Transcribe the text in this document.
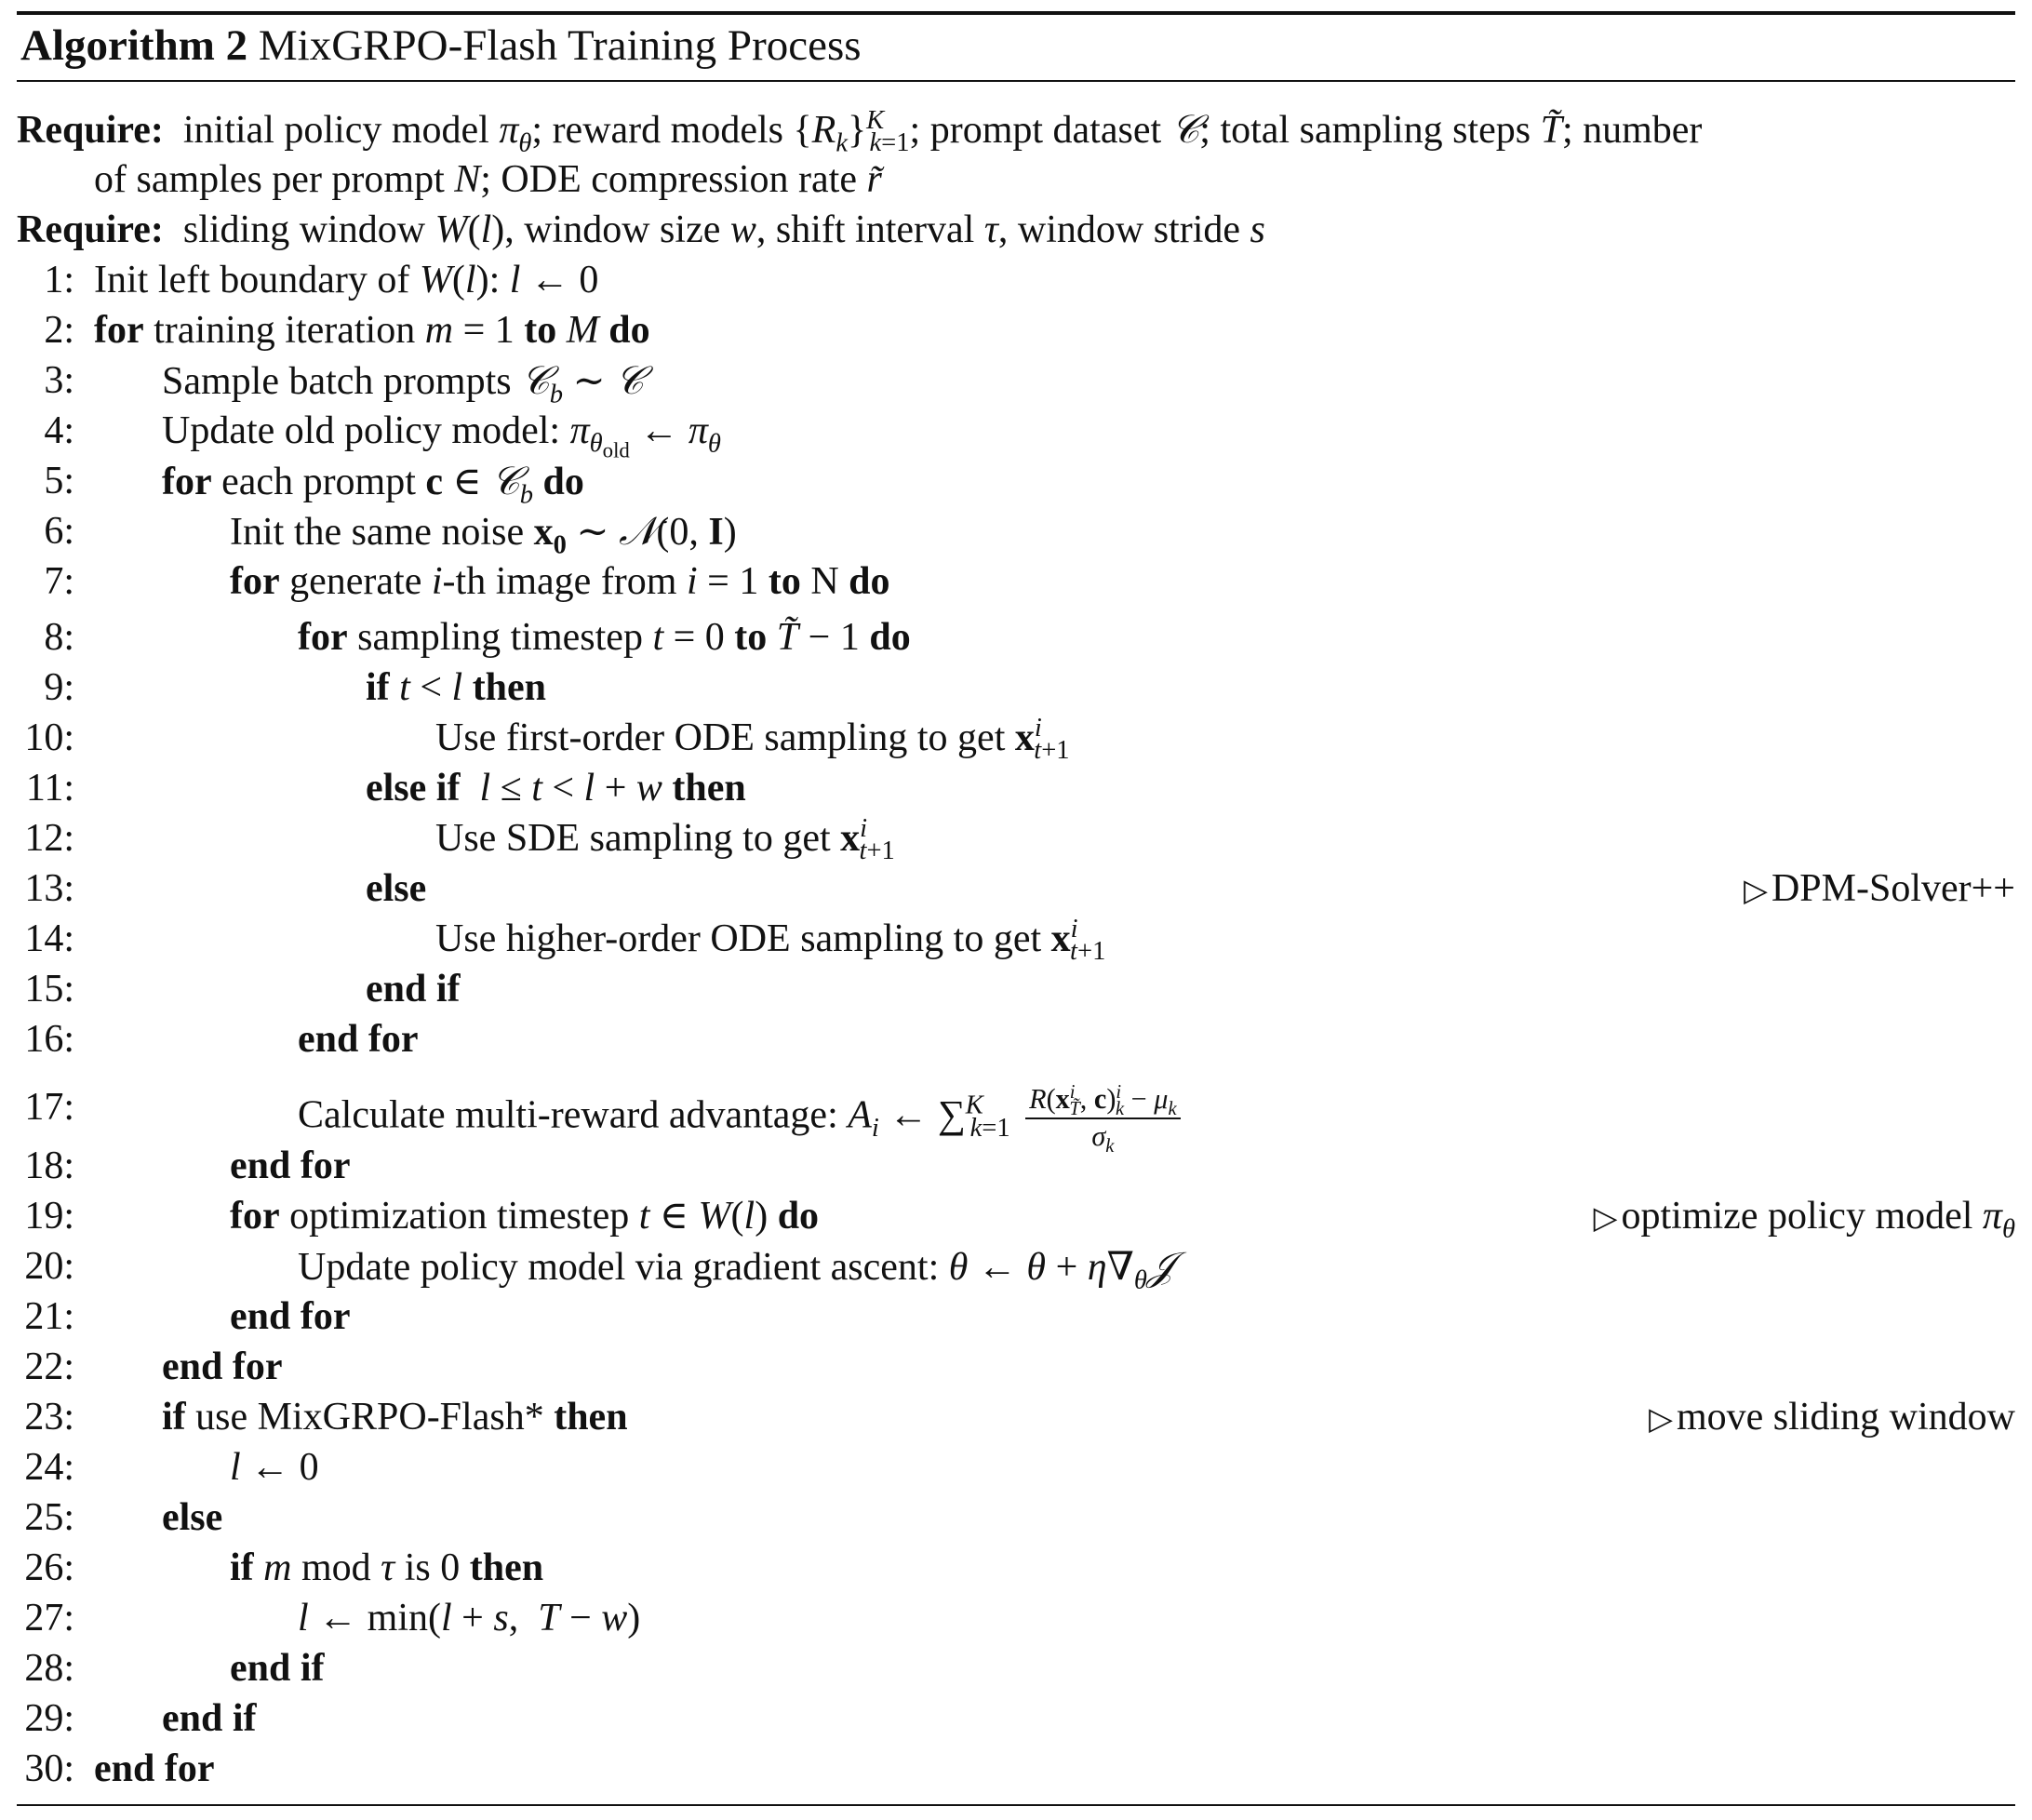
Algorithm 2 MixGRPO-Flash Training Process
Require:  initial policy model $\pi_\theta$; reward models $\{R_k\}^K_{k=1}$; prompt dataset 𝒞; total sampling steps T̃; number
of samples per prompt N; ODE compression rate r̃
Require:  sliding window W(l), window size w, shift interval τ, window stride s
1: Init left boundary of W(l): l ← 0
2: for training iteration m = 1 to M do
3: Sample batch prompts 𝒞$_b$ ∼ 𝒞
4: Update old policy model: $\pi_{\theta_{old}}$ ← $\pi_\theta$
5: for each prompt c ∈ 𝒞$_b$ do
6:	Init the same noise $x_0$ ∼ 𝒩(0, I)
7:	for generate i-th image from i = 1 to N do
8:	for sampling timestep t = 0 to T̃ − 1 do
9:	if t < l then
10:	Use first-order ODE sampling to get $x^i_{t+1}$
11:	else if l ≤ t < l + w then
12:	Use SDE sampling to get $x^i_{t+1}$
13:	else	▷DPM-Solver++
14:	Use higher-order ODE sampling to get $x^i_{t+1}$
15:	end if
16:	end for
17:	Calculate multi-reward advantage: $A_i$ ← $\sum^K_{k=1} \frac{R(x^i_{T̃}, c)^i_k - \mu_k}{\sigma_k}$
18:	end for
19:	for optimization timestep t ∈ W(l) do	▷optimize policy model $\pi_\theta$
20:	Update policy model via gradient ascent: θ ← $\theta + \eta\nabla_\theta 𝒥$
21:	end for
22: end for
23: if use MixGRPO-Flash* then	▷move sliding window
24:	l ← 0
25: else
26:	if m mod τ is 0 then
27:	l ← min(l + s,  T − w)
28:	end if
29: end if
30: end for
